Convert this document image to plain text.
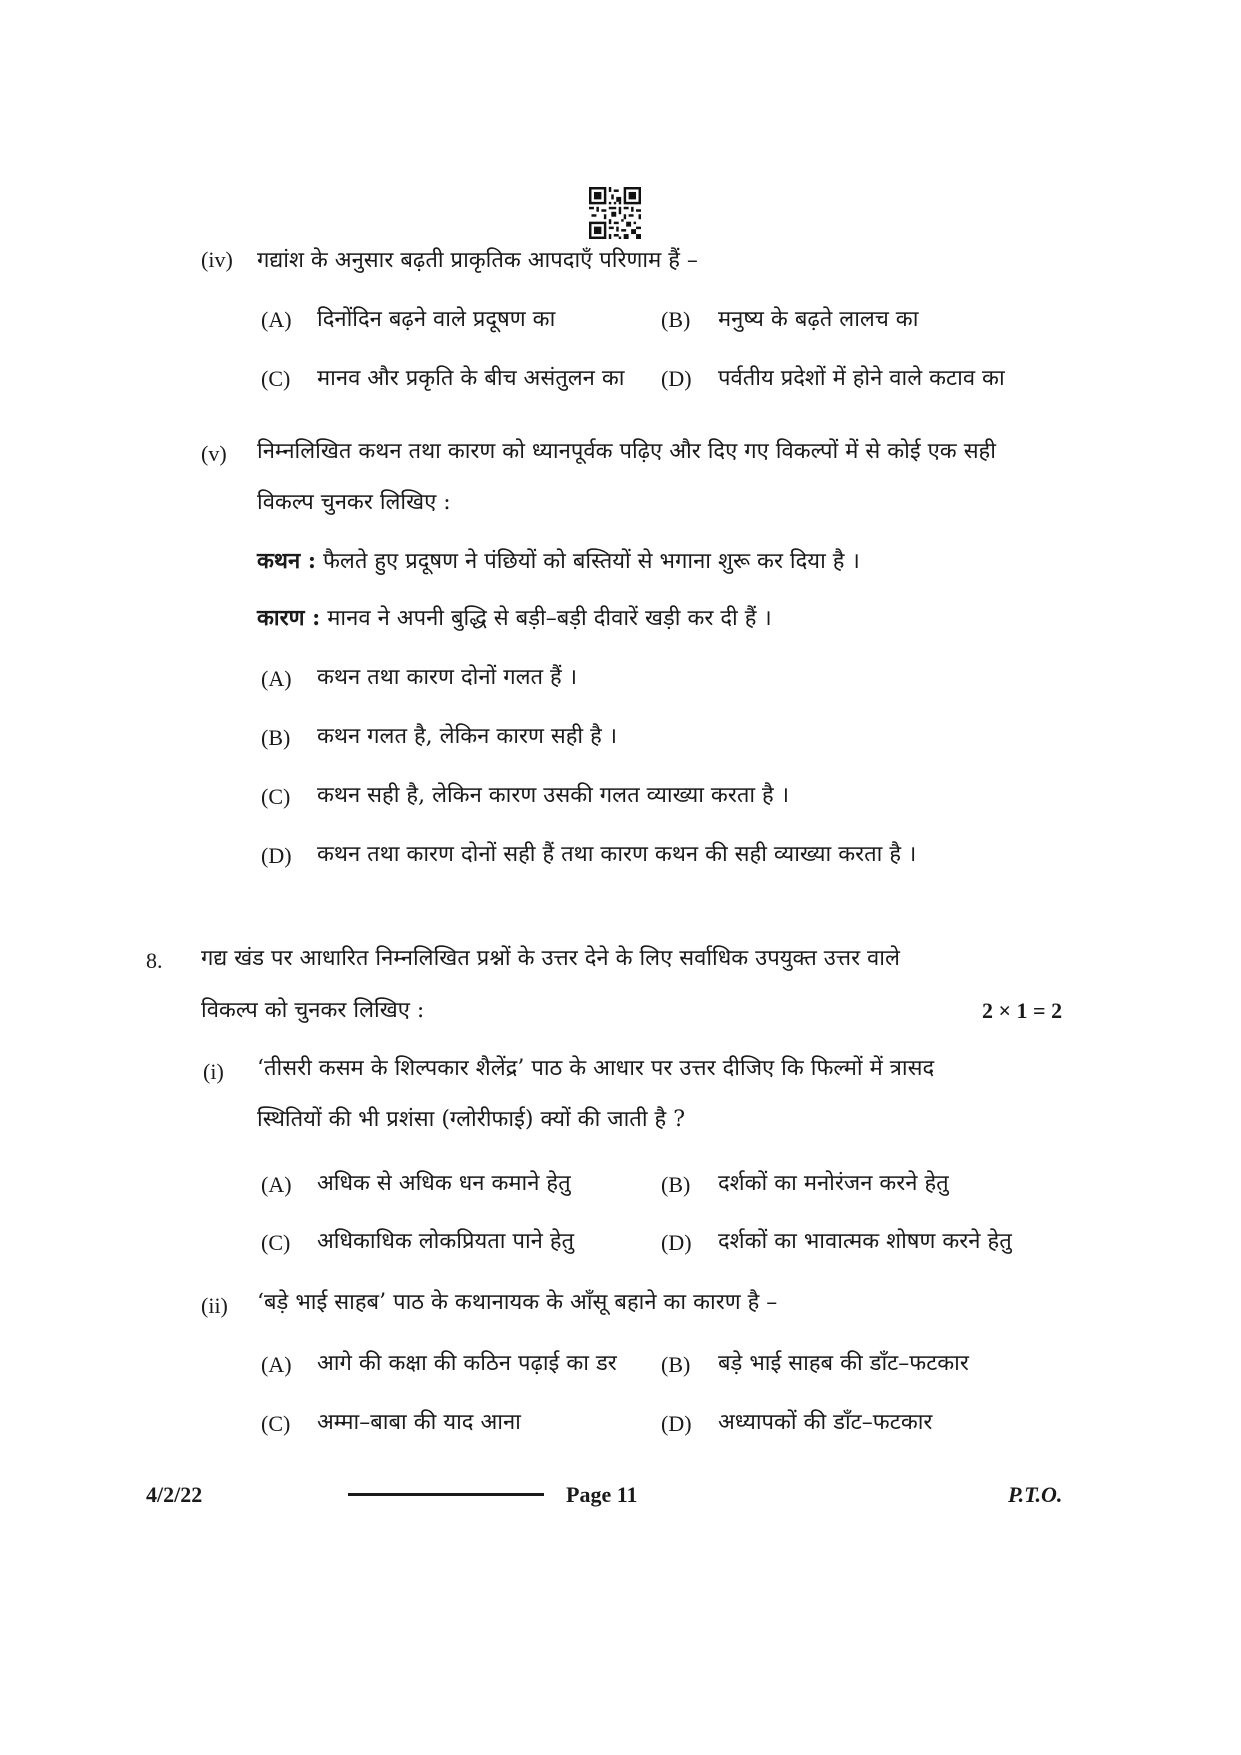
(iv) गद्यांश के अनुसार बढ़ती प्राकृतिक आपदाएँ परिणाम हैं –
(A) दिनोंदिन बढ़ने वाले प्रदूषण का	(B) मनुष्य के बढ़ते लालच का
(C) मानव और प्रकृति के बीच असंतुलन का (D) पर्वतीय प्रदेशों में होने वाले कटाव का
(v) निम्नलिखित कथन तथा कारण को ध्यानपूर्वक पढ़िए और दिए गए विकल्पों में से कोई एक सही
विकल्प चुनकर लिखिए :
कथन : फैलते हुए प्रदूषण ने पंछियों को बस्तियों से भगाना शुरू कर दिया है ।
कारण : मानव ने अपनी बुद्धि से बड़ी–बड़ी दीवारें खड़ी कर दी हैं ।
(A) कथन तथा कारण दोनों गलत हैं ।
(B) कथन गलत है, लेकिन कारण सही है ।
(C) कथन सही है, लेकिन कारण उसकी गलत व्याख्या करता है ।
(D) कथन तथा कारण दोनों सही हैं तथा कारण कथन की सही व्याख्या करता है ।
8. गद्य खंड पर आधारित निम्नलिखित प्रश्नों के उत्तर देने के लिए सर्वाधिक उपयुक्त उत्तर वाले
विकल्प को चुनकर लिखिए :	2 × 1 = 2
(i) ‘तीसरी कसम के शिल्पकार शैलेंद्र’ पाठ के आधार पर उत्तर दीजिए कि फिल्मों में त्रासद
स्थितियों की भी प्रशंसा (ग्लोरीफाई) क्यों की जाती है ?
(A) अधिक से अधिक धन कमाने हेतु	(B) दर्शकों का मनोरंजन करने हेतु
(C) अधिकाधिक लोकप्रियता पाने हेतु	(D) दर्शकों का भावात्मक शोषण करने हेतु
(ii) ‘बड़े भाई साहब’ पाठ के कथानायक के आँसू बहाने का कारण है –
(A) आगे की कक्षा की कठिन पढ़ाई का डर (B) बड़े भाई साहब की डाँट–फटकार
(C) अम्मा–बाबा की याद आना	(D) अध्यापकों की डाँट–फटकार
4/2/22	Page 11	P.T.O.
